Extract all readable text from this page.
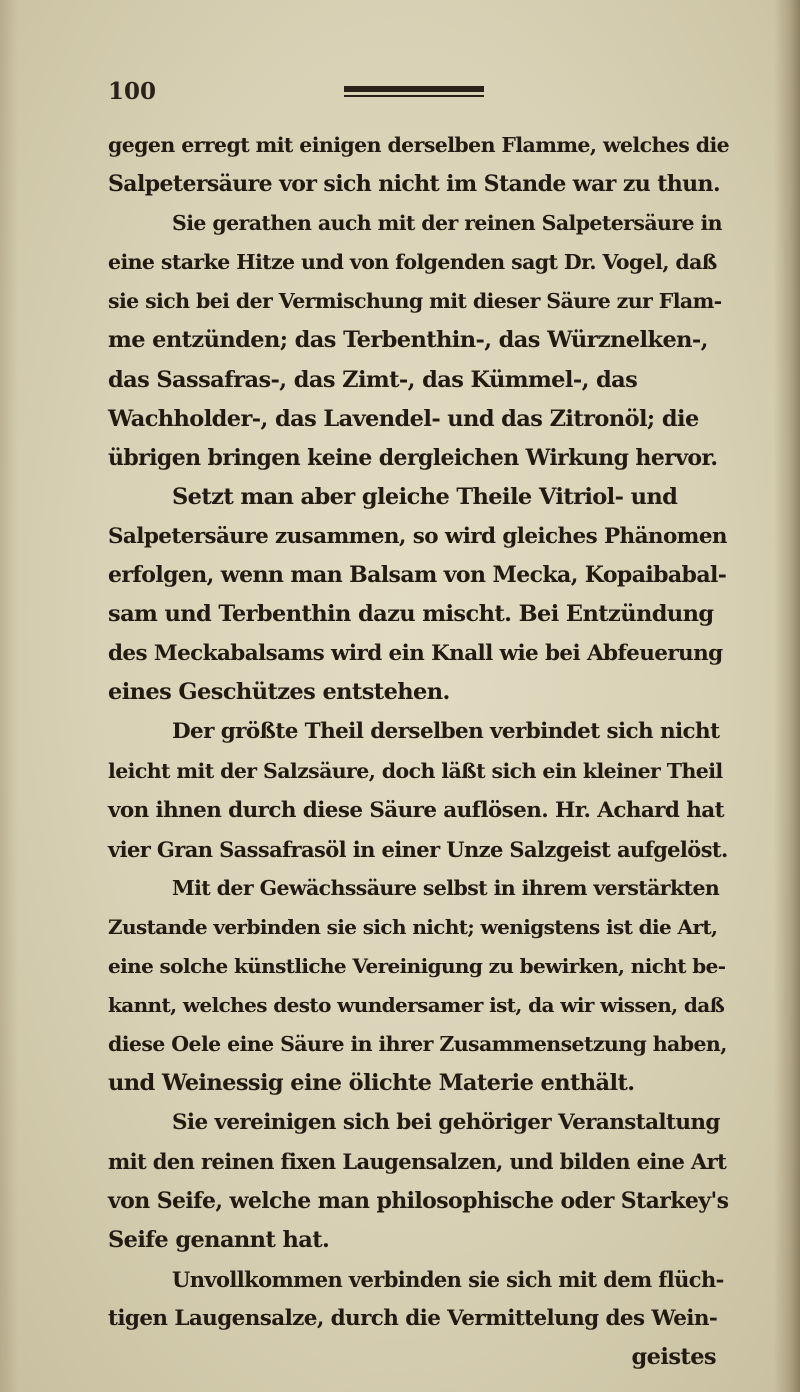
100
gegen erregt mit einigen derselben Flamme, welches die
Salpetersäure vor sich nicht im Stande war zu thun.
Sie gerathen auch mit der reinen Salpetersäure in
eine starke Hitze und von folgenden sagt Dr. Vogel, daß
sie sich bei der Vermischung mit dieser Säure zur Flam-
me entzünden; das Terbenthin-, das Würznelken-,
das Sassafras-, das Zimt-, das Kümmel-, das
Wachholder-, das Lavendel- und das Zitronöl; die
übrigen bringen keine dergleichen Wirkung hervor.
Setzt man aber gleiche Theile Vitriol- und
Salpetersäure zusammen, so wird gleiches Phänomen
erfolgen, wenn man Balsam von Mecka, Kopaibabal-
sam und Terbenthin dazu mischt. Bei Entzündung
des Meckabalsams wird ein Knall wie bei Abfeuerung
eines Geschützes entstehen.
Der größte Theil derselben verbindet sich nicht
leicht mit der Salzsäure, doch läßt sich ein kleiner Theil
von ihnen durch diese Säure auflösen. Hr. Achard hat
vier Gran Sassafrasöl in einer Unze Salzgeist aufgelöst.
Mit der Gewächssäure selbst in ihrem verstärkten
Zustande verbinden sie sich nicht; wenigstens ist die Art,
eine solche künstliche Vereinigung zu bewirken, nicht be-
kannt, welches desto wundersamer ist, da wir wissen, daß
diese Oele eine Säure in ihrer Zusammensetzung haben,
und Weinessig eine ölichte Materie enthält.
Sie vereinigen sich bei gehöriger Veranstaltung
mit den reinen fixen Laugensalzen, und bilden eine Art
von Seife, welche man philosophische oder Starkey's
Seife genannt hat.
Unvollkommen verbinden sie sich mit dem flüch-
tigen Laugensalze, durch die Vermittelung des Wein-
geistes
